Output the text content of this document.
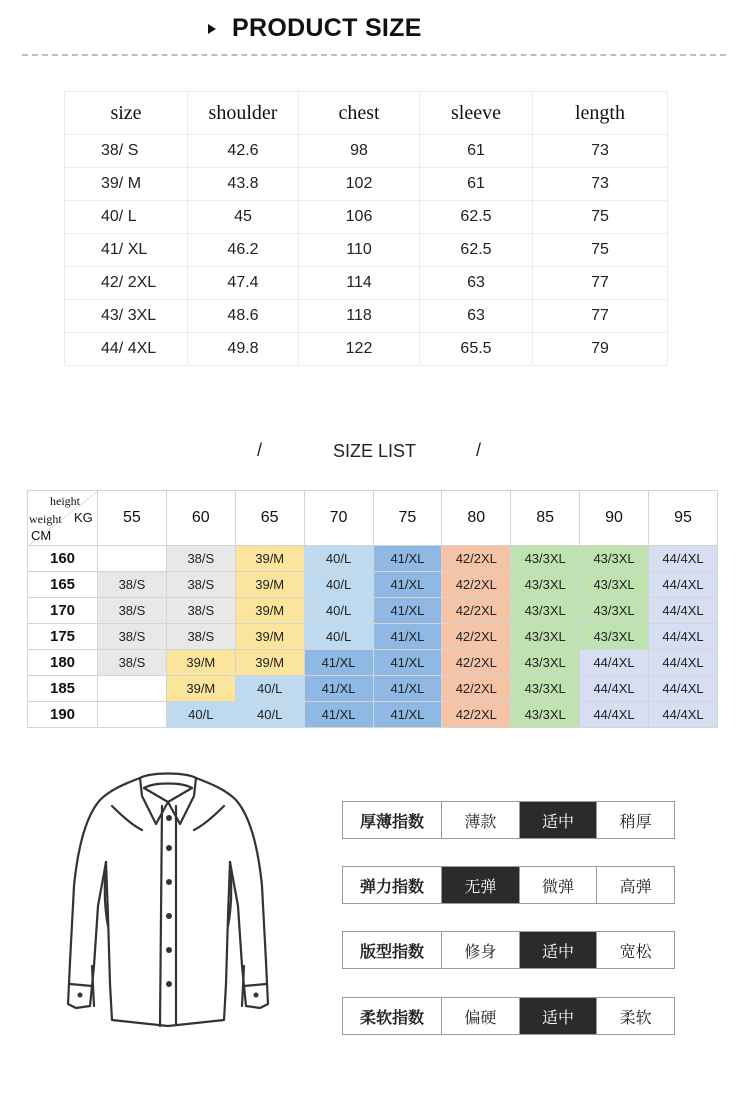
PRODUCT SIZE
size	shoulder	chest	sleeve	length
38/ S	42.6	98	61	73
39/ M	43.8	102	61	73
40/ L	45	106	62.5	75
41/ XL	46.2	110	62.5	75
42/ 2XL	47.4	114	63	77
43/ 3XL	48.6	118	63	77
44/ 4XL	49.8	122	65.5	79
/	SIZE LIST	/
height
weight KG
CM	55	60	65	70	75	80	85	90	95
160		38/S	39/M	40/L	41/XL	42/2XL	43/3XL	43/3XL	44/4XL
165	38/S	38/S	39/M	40/L	41/XL	42/2XL	43/3XL	43/3XL	44/4XL
170	38/S	38/S	39/M	40/L	41/XL	42/2XL	43/3XL	43/3XL	44/4XL
175	38/S	38/S	39/M	40/L	41/XL	42/2XL	43/3XL	43/3XL	44/4XL
180	38/S	39/M	39/M	41/XL	41/XL	42/2XL	43/3XL	44/4XL	44/4XL
185		39/M	40/L	41/XL	41/XL	42/2XL	43/3XL	44/4XL	44/4XL
190		40/L	40/L	41/XL	41/XL	42/2XL	43/3XL	44/4XL	44/4XL
厚薄指数	薄款	适中	稍厚
弹力指数	无弹	微弹	高弹
版型指数	修身	适中	宽松
柔软指数	偏硬	适中	柔软
